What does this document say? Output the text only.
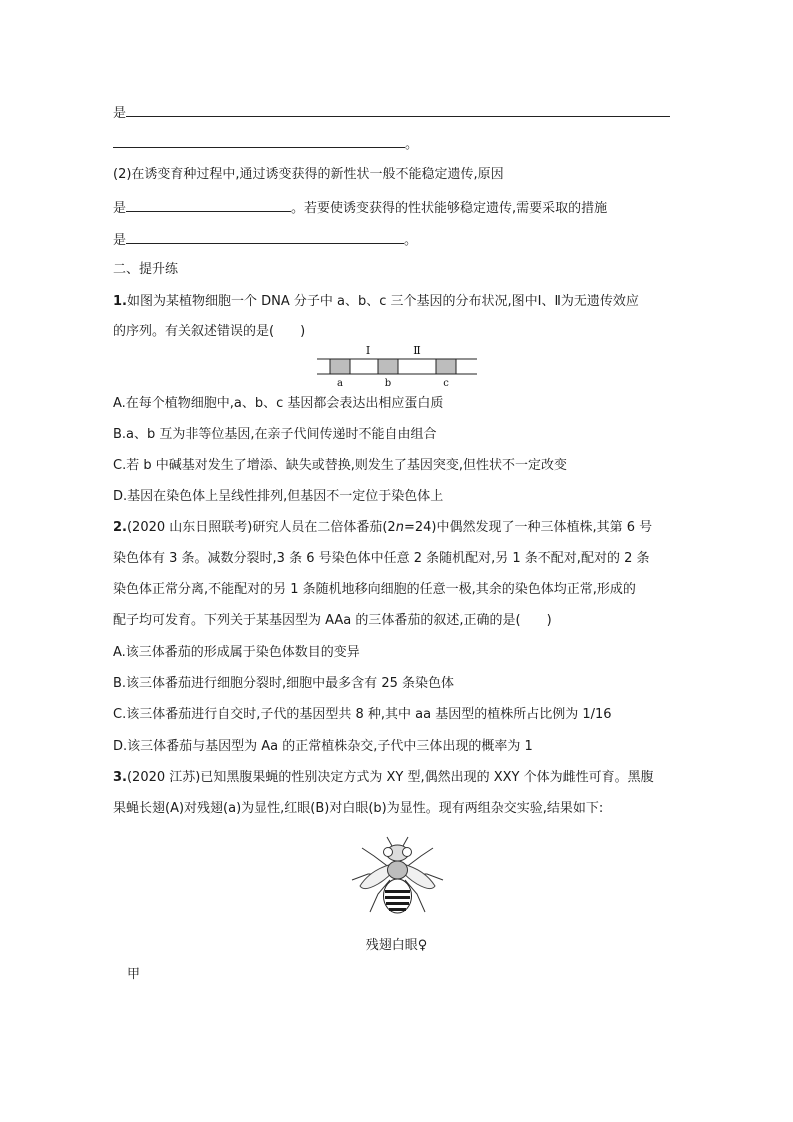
是
。
(2)在诱变育种过程中,通过诱变获得的新性状一般不能稳定遗传,原因
是	。若要使诱变获得的性状能够稳定遗传,需要采取的措施
是	。
二、提升练
1.如图为某植物细胞一个 DNA 分子中 a、b、c 三个基因的分布状况,图中Ⅰ、Ⅱ为无遗传效应
的序列。有关叙述错误的是(　　)
Ⅰ	Ⅱ
a	b	c
A.在每个植物细胞中,a、b、c 基因都会表达出相应蛋白质
B.a、b 互为非等位基因,在亲子代间传递时不能自由组合
C.若 b 中碱基对发生了增添、缺失或替换,则发生了基因突变,但性状不一定改变
D.基因在染色体上呈线性排列,但基因不一定位于染色体上
2.(2020 山东日照联考)研究人员在二倍体番茄(2n=24)中偶然发现了一种三体植株,其第 6 号
染色体有 3 条。减数分裂时,3 条 6 号染色体中任意 2 条随机配对,另 1 条不配对,配对的 2 条
染色体正常分离,不能配对的另 1 条随机地移向细胞的任意一极,其余的染色体均正常,形成的
配子均可发育。下列关于某基因型为 AAa 的三体番茄的叙述,正确的是(　　)
A.该三体番茄的形成属于染色体数目的变异
B.该三体番茄进行细胞分裂时,细胞中最多含有 25 条染色体
C.该三体番茄进行自交时,子代的基因型共 8 种,其中 aa 基因型的植株所占比例为 1/16
D.该三体番茄与基因型为 Aa 的正常植株杂交,子代中三体出现的概率为 1
3.(2020 江苏)已知黑腹果蝇的性别决定方式为 XY 型,偶然出现的 XXY 个体为雌性可育。黑腹
果蝇长翅(A)对残翅(a)为显性,红眼(B)对白眼(b)为显性。现有两组杂交实验,结果如下:
残翅白眼♀
甲
